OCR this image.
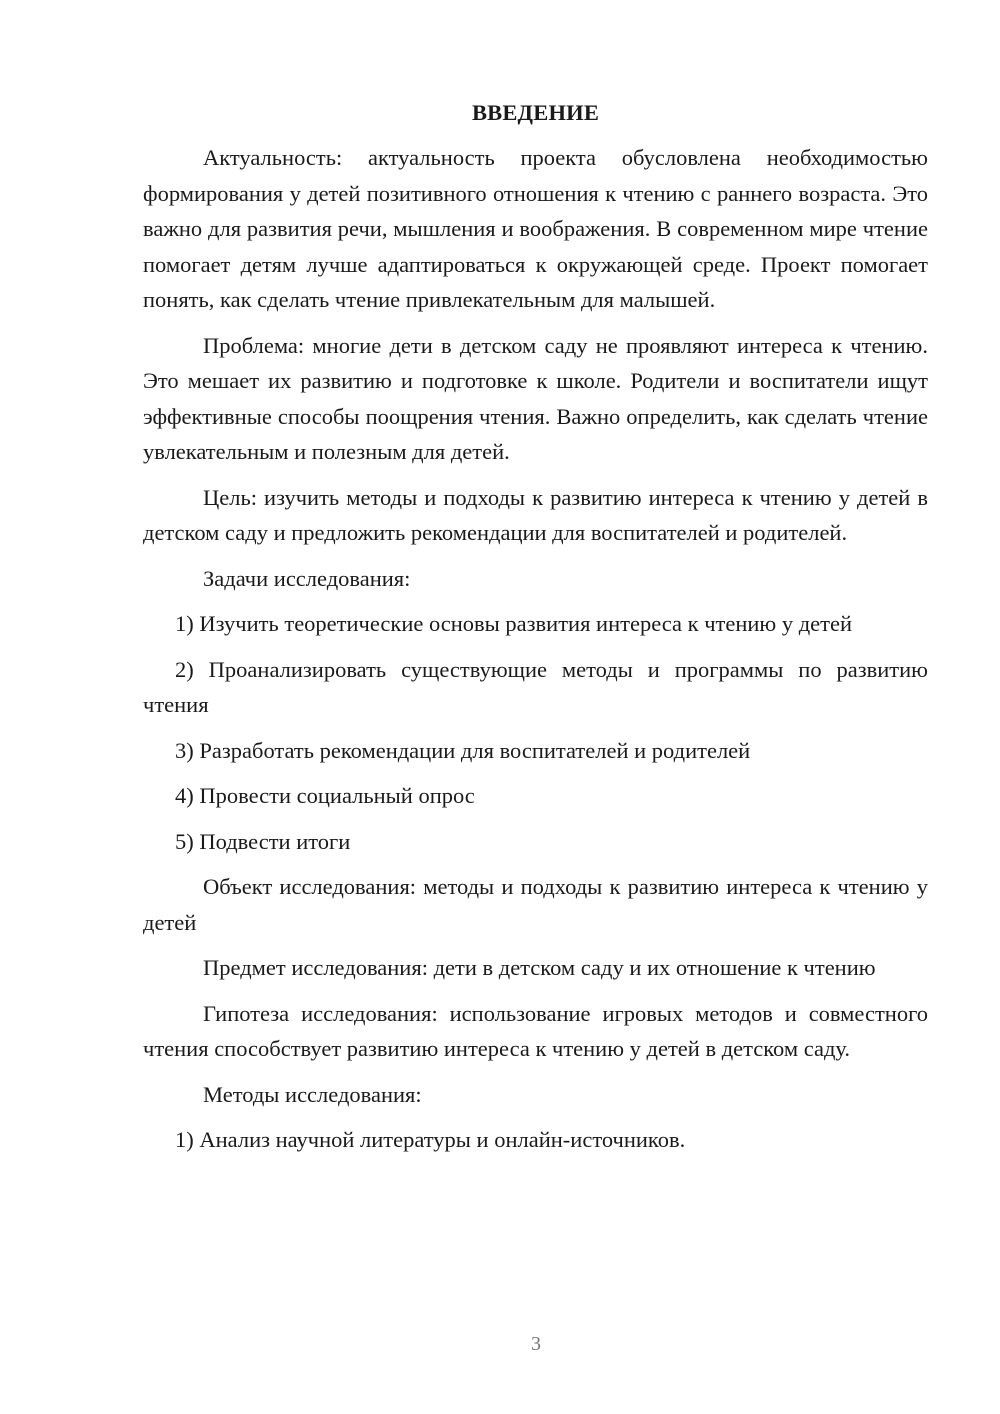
ВВЕДЕНИЕ

Актуальность: актуальность проекта обусловлена необходимостью формирования у детей позитивного отношения к чтению с раннего возраста. Это важно для развития речи, мышления и воображения. В современном мире чтение помогает детям лучше адаптироваться к окружающей среде. Проект помогает понять, как сделать чтение привлекательным для малышей.

Проблема: многие дети в детском саду не проявляют интереса к чтению. Это мешает их развитию и подготовке к школе. Родители и воспитатели ищут эффективные способы поощрения чтения. Важно определить, как сделать чтение увлекательным и полезным для детей.

Цель: изучить методы и подходы к развитию интереса к чтению у детей в детском саду и предложить рекомендации для воспитателей и родителей.

Задачи исследования:

1) Изучить теоретические основы развития интереса к чтению у детей

2) Проанализировать существующие методы и программы по развитию чтения

3) Разработать рекомендации для воспитателей и родителей

4) Провести социальный опрос

5) Подвести итоги

Объект исследования: методы и подходы к развитию интереса к чтению у детей

Предмет исследования: дети в детском саду и их отношение к чтению

Гипотеза исследования: использование игровых методов и совместного чтения способствует развитию интереса к чтению у детей в детском саду.

Методы исследования:

1) Анализ научной литературы и онлайн-источников.

3
